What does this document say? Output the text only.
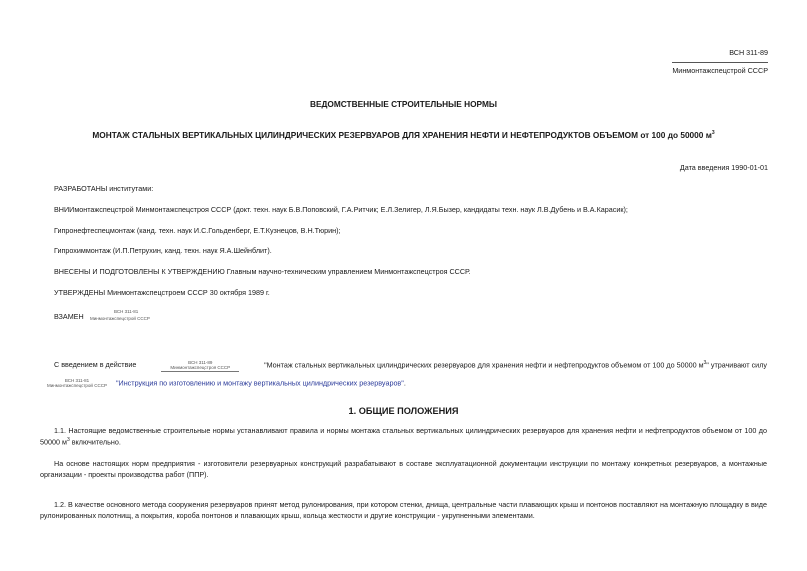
ВСН 311-89
Минмонтажспецстрой СССР
ВЕДОМСТВЕННЫЕ СТРОИТЕЛЬНЫЕ НОРМЫ
МОНТАЖ СТАЛЬНЫХ ВЕРТИКАЛЬНЫХ ЦИЛИНДРИЧЕСКИХ РЕЗЕРВУАРОВ ДЛЯ ХРАНЕНИЯ НЕФТИ И НЕФТЕПРОДУКТОВ ОБЪЕМОМ от 100 до 50000 $м^3$
Дата введения 1990-01-01
РАЗРАБОТАНЫ институтами:
ВНИИмонтажспецстрой Минмонтажспецстроя СССР (докт. техн. наук Б.В.Поповский, Г.А.Ритчик; Е.Л.Зелигер, Л.Я.Бызер, кандидаты техн. наук Л.В.Дубень и В.А.Карасик);
Гипронефтеспецмонтаж (канд. техн. наук И.С.Гольденберг, Е.Т.Кузнецов, В.Н.Тюрин);
Гипрохиммонтаж (И.П.Петрухин, канд. техн. наук Я.А.Шейнблит).
ВНЕСЕНЫ И ПОДГОТОВЛЕНЫ К УТВЕРЖДЕНИЮ Главным научно-техническим управлением Минмонтажспецстроя СССР.
УТВЕРЖДЕНЫ Минмонтажспецстроем СССР 30 октября 1989 г.
ВЗАМЕН
ВСН 311-81
Минмонтажспецстрой СССР
С введением в действие	ВСН 311-89
Минмонтажспецстроя СССР	"Монтаж стальных вертикальных цилиндрических резервуаров для хранения нефти и нефтепродуктов объемом от 100 до 50000 $м^3$" утрачивают силу
ВСН 311-81
Минмонтажспецстрой СССР "Инструкция по изготовлению и монтажу вертикальных цилиндрических резервуаров".
1. ОБЩИЕ ПОЛОЖЕНИЯ
1.1. Настоящие ведомственные строительные нормы устанавливают правила и нормы монтажа стальных вертикальных цилиндрических резервуаров для хранения нефти и нефтепродуктов объемом от 100 до 50000 $м^3$ включительно.
На основе настоящих норм предприятия - изготовители резервуарных конструкций разрабатывают в составе эксплуатационной документации инструкции по монтажу конкретных резервуаров, а монтажные организации - проекты производства работ (ППР).
1.2. В качестве основного метода сооружения резервуаров принят метод рулонирования, при котором стенки, днища, центральные части плавающих крыш и понтонов поставляют на монтажную площадку в виде рулонированных полотнищ, а покрытия, короба понтонов и плавающих крыш, кольца жесткости и другие конструкции - укрупненными элементами.
